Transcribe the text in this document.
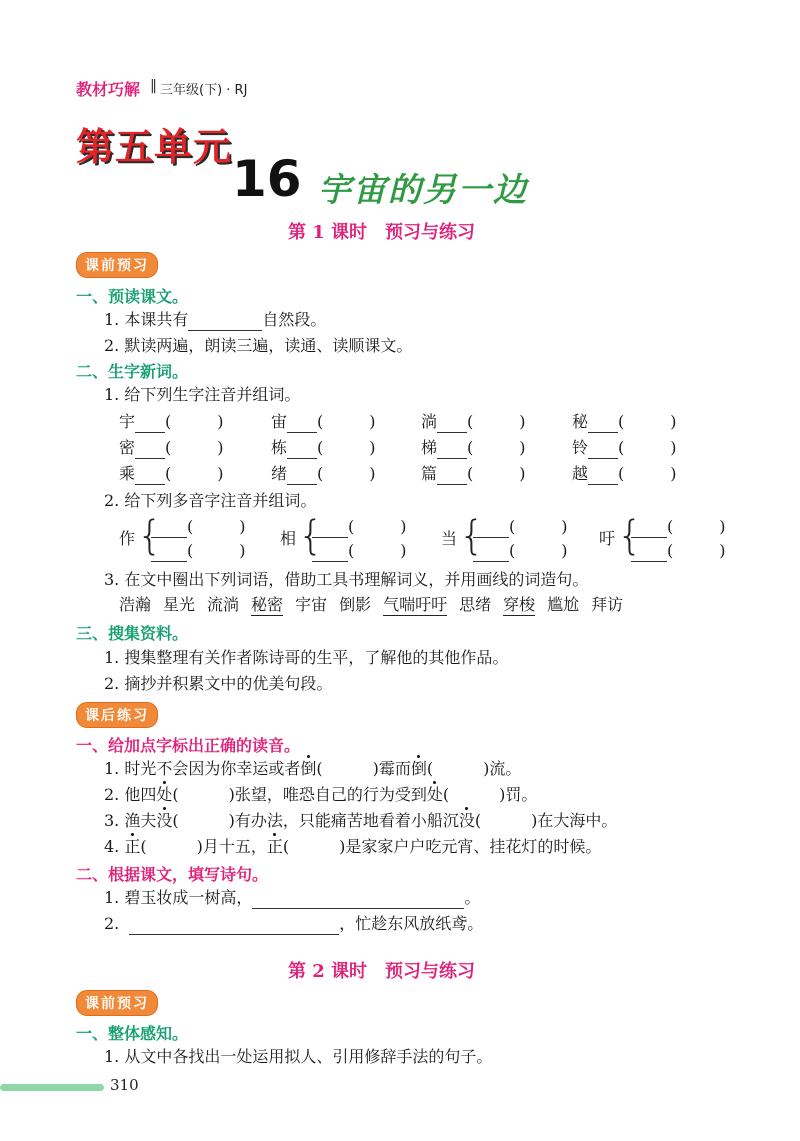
教材巧解 ‖ 三年级(下) · RJ
第五单元
16 宇宙的另一边
第 1 课时　预习与练习
课前预习
一、预读课文。
1. 本课共有	自然段。
2. 默读两遍，朗读三遍，读通、读顺课文。
二、生字新词。
1. 给下列生字注音并组词。
宇 (	)	宙 (	)	淌 (	)	秘 (	)
密 (	)	栋 (	)	梯 (	)	铃 (	)
乘 (	)	绪 (	)	篇 (	)	越 (	)
2. 给下列多音字注音并组词。
作 {	(	)
(	)
相 {	(	)
(	)
当 {	(	)
(	)
吁 {	(	)
(	)
3. 在文中圈出下列词语，借助工具书理解词义，并用画线的词造句。
浩瀚 星光 流淌 秘密 宇宙 倒影 气喘吁吁 思绪 穿梭 尴尬 拜访
三、搜集资料。
1. 搜集整理有关作者陈诗哥的生平，了解他的其他作品。
2. 摘抄并积累文中的优美句段。
课后练习
一、给加点字标出正确的读音。
1. 时光不会因为你幸运或者倒(	)霉而倒(	)流。
2. 他四处(	)张望，唯恐自己的行为受到处(	)罚。
3. 渔夫没(	)有办法，只能痛苦地看着小船沉没(	)在大海中。
4. 正(	)月十五，正(	)是家家户户吃元宵、挂花灯的时候。
二、根据课文，填写诗句。
1. 碧玉妆成一树高，	。
2.	，忙趁东风放纸鸢。
第 2 课时　预习与练习
课前预习
一、整体感知。
1. 从文中各找出一处运用拟人、引用修辞手法的句子。
310
